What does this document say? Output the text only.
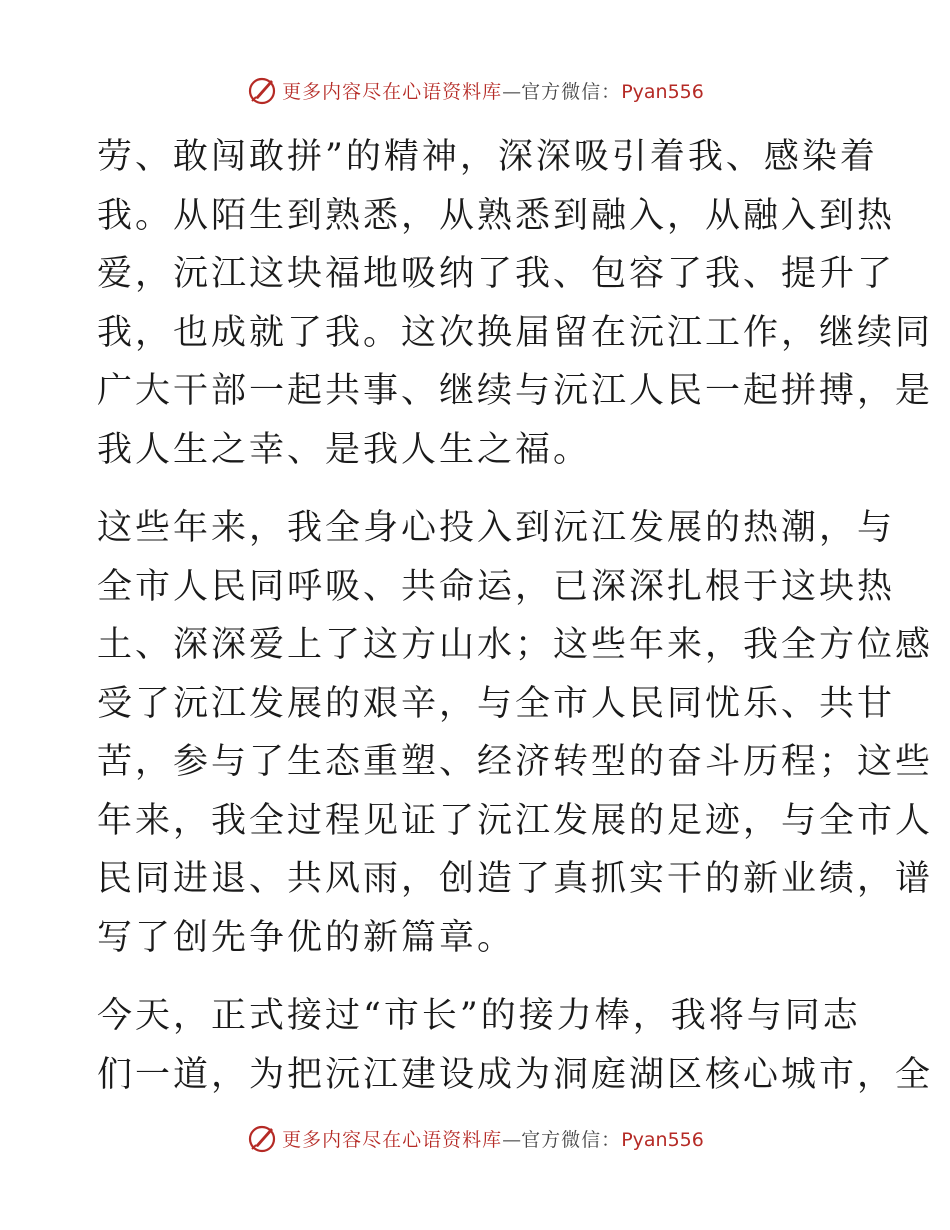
更多内容尽在心语资料库—官方微信：Pyan556
劳、敢闯敢拼”的精神，深深吸引着我、感染着
我。从陌生到熟悉，从熟悉到融入，从融入到热
爱，沅江这块福地吸纳了我、包容了我、提升了
我，也成就了我。这次换届留在沅江工作，继续同
广大干部一起共事、继续与沅江人民一起拼搏，是
我人生之幸、是我人生之福。
这些年来，我全身心投入到沅江发展的热潮，与
全市人民同呼吸、共命运，已深深扎根于这块热
土、深深爱上了这方山水；这些年来，我全方位感
受了沅江发展的艰辛，与全市人民同忧乐、共甘
苦，参与了生态重塑、经济转型的奋斗历程；这些
年来，我全过程见证了沅江发展的足迹，与全市人
民同进退、共风雨，创造了真抓实干的新业绩，谱
写了创先争优的新篇章。
今天，正式接过“市长”的接力棒，我将与同志
们一道，为把沅江建设成为洞庭湖区核心城市，全
更多内容尽在心语资料库—官方微信：Pyan556
